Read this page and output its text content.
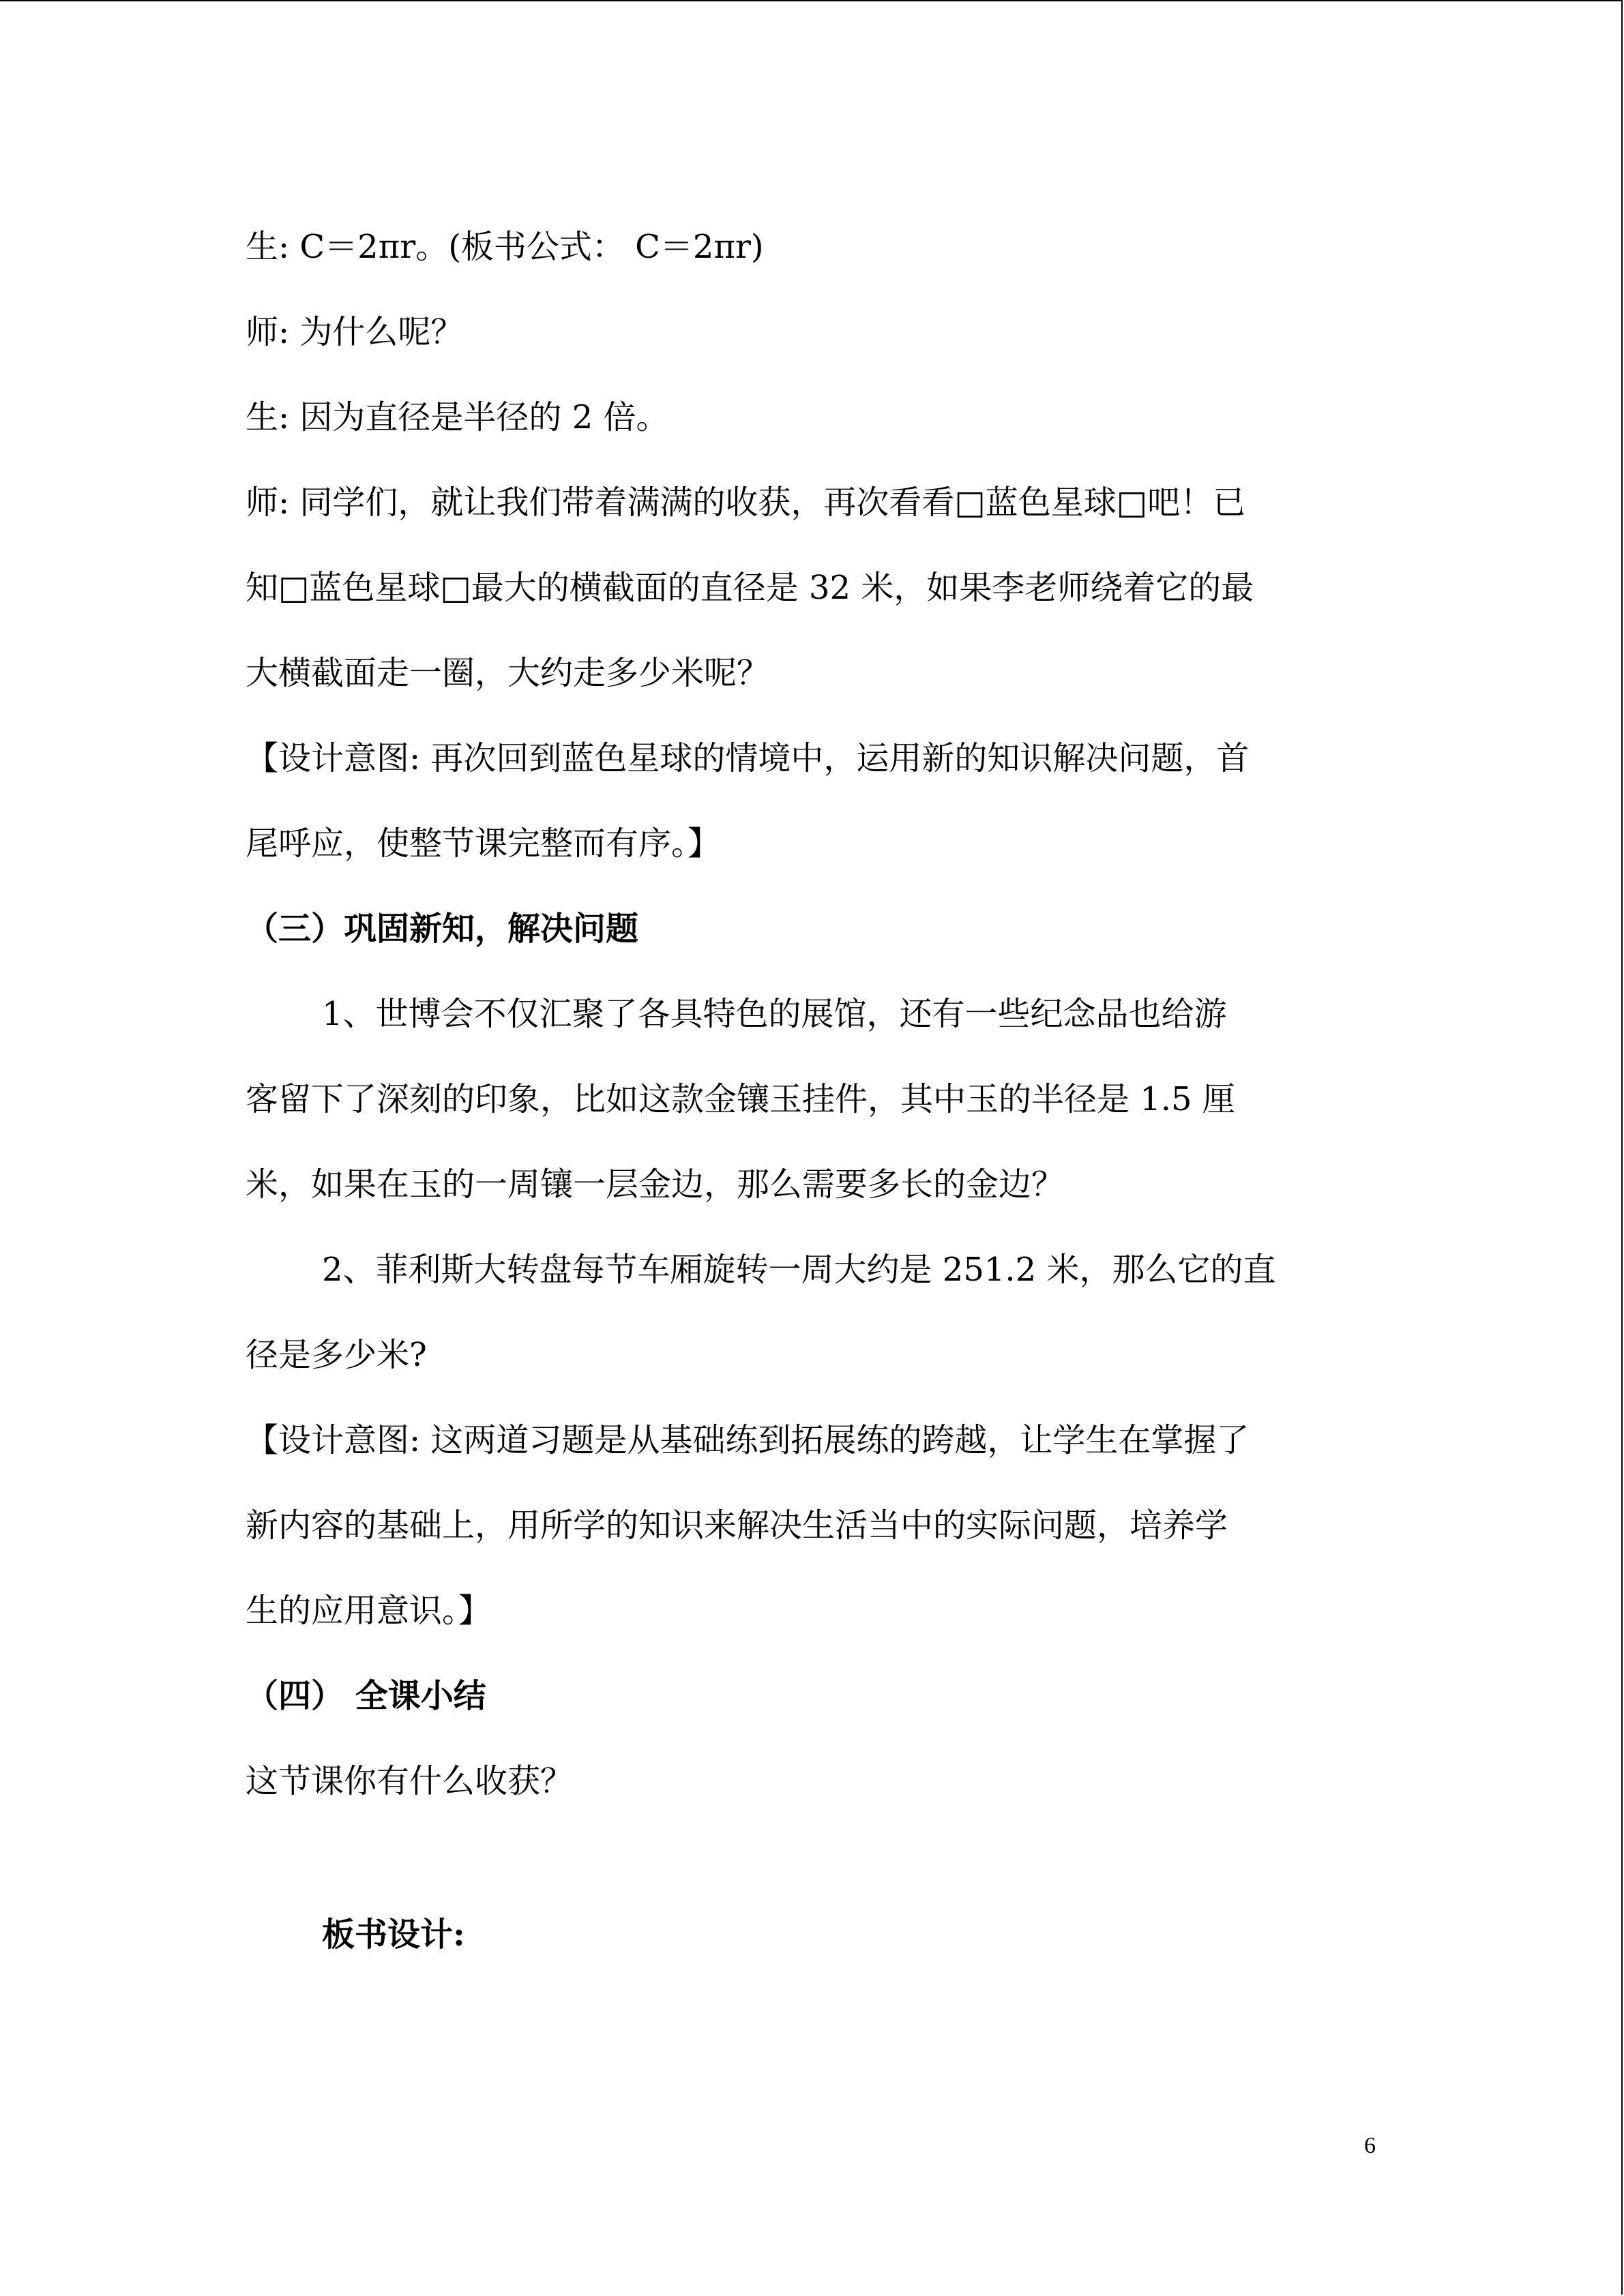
生: C＝2πr。(板书公式： C＝2πr)
师: 为什么呢？
生: 因为直径是半径的 2 倍。
师: 同学们，就让我们带着满满的收获，再次看看□蓝色星球□吧！已
知□蓝色星球□最大的横截面的直径是 32 米，如果李老师绕着它的最
大横截面走一圈，大约走多少米呢？
【设计意图: 再次回到蓝色星球的情境中，运用新的知识解决问题，首
尾呼应，使整节课完整而有序。】
（三）巩固新知，解决问题
1、世博会不仅汇聚了各具特色的展馆，还有一些纪念品也给游
客留下了深刻的印象，比如这款金镶玉挂件，其中玉的半径是 1.5 厘
米，如果在玉的一周镶一层金边，那么需要多长的金边？
2、菲利斯大转盘每节车厢旋转一周大约是 251.2 米，那么它的直
径是多少米?
【设计意图: 这两道习题是从基础练到拓展练的跨越，让学生在掌握了
新内容的基础上，用所学的知识来解决生活当中的实际问题，培养学
生的应用意识。】
（四） 全课小结
这节课你有什么收获？
板书设计:
6
